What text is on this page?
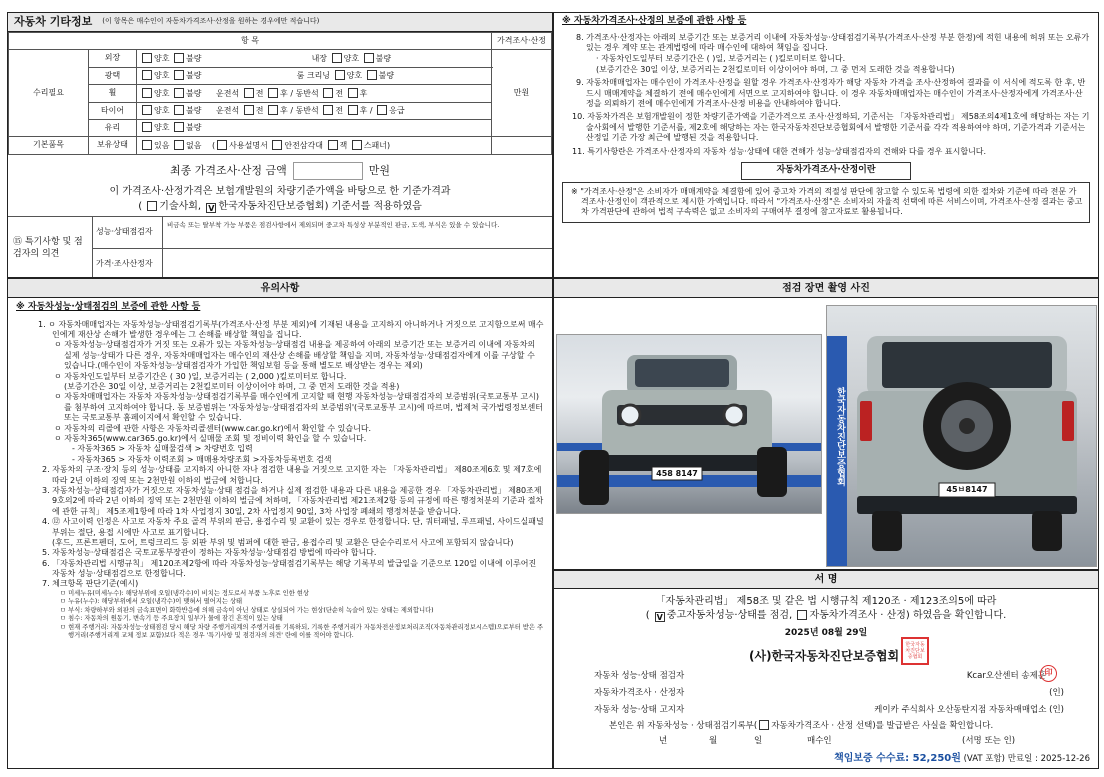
자동차 기타정보 (이 항목은 매수인이 자동차가격조사·산정을 원하는 경우에만 적습니다)
항 목			가격조사·산정
수리필요	외장	양호 불량 내장 양호 불량	만원
	광택	양호 불량 룸 크리닝 양호 불량	
	휠	양호 불량 운전석 전 후 / 동반석 전 후	
	타이어	양호 불량 운전석 전 후 / 동반석 전 후 / 응급	
	유리	양호 불량	
기본품목	보유상태	있음 없음 ( 사용설명서 안전삼각대 잭 스패너)	
최종 가격조사·산정 금액	만원
이 가격조사·산정가격은 보험개발원의 차량기준가액을 바탕으로 한 기준가격과
( 기술사회, V 한국자동차진단보증협회) 기준서를 적용하였음
⑮ 특기사항 및 점검자의 의견
성능·상태점검자
비금속 또는 탈부착 가능 부품은 점검사항에서 제외되며 중고차 특성상 부분적인 판금, 도색, 부식은 있을 수 있습니다.
가격·조사산정자
※ 자동차가격조사·산정의 보증에 관한 사항 등

8. 가격조사·산정자는 아래의 보증기간 또는 보증거리 이내에 자동차성능·상태점검기록부(가격조사·산정 부분 한정)에 적힌 내용에 허위 또는 오류가 있는 경우 계약 또는 관계법령에 따라 매수인에 대하여 책임을 집니다.

· 자동차인도일부터 보증기간은 ( )일, 보증거리는 ( )킬로미터로 합니다.

(보증기간은 30일 이상, 보증거리는 2천킬로미터 이상이어야 하며, 그 중 먼저 도래한 것을 적용합니다)

9. 자동차매매업자는 매수인이 가격조사·산정을 원할 경우 가격조사·산정자가 해당 자동차 가격을 조사·산정하여 결과를 이 서식에 적도록 한 후, 반드시 매매계약을 체결하기 전에 매수인에게 서면으로 고지하여야 합니다. 이 경우 자동차매매업자는 매수인이 가격조사·산정자에게 가격조사·산정을 의뢰하기 전에 매수인에게 가격조사·산정 비용을 안내하여야 합니다.

10. 자동차가격은 보험개발원이 정한 차량기준가액을 기준가격으로 조사·산정하되, 기준서는 「자동차관리법」 제58조의4제1호에 해당하는 자는 기술사회에서 발행한 기준서를, 제2호에 해당하는 자는 한국자동차진단보증협회에서 발행한 기준서를 각각 적용하여야 하며, 기준가격과 기준서는 산정일 기준 가장 최근에 발행된 것을 적용합니다.

11. 특기사항란은 가격조사·산정자의 자동차 성능·상태에 대한 견해가 성능·상태점검자의 견해와 다를 경우 표시합니다.

자동차가격조사·산정이란
※ "가격조사·산정"은 소비자가 매매계약을 체결함에 있어 중고차 가격의 적절성 판단에 참고할 수 있도록 법령에 의한 절차와 기준에 따라 전문 가격조사·산정인이 객관적으로 제시한 가액입니다. 따라서 "가격조사·산정"은 소비자의 자율적 선택에 따른 서비스이며, 가격조사·산정 결과는 중고차 가격판단에 관하여 법적 구속력은 없고 소비자의 구매여부 결정에 참고자료로 활용됩니다.
유의사항
※ 자동차성능·상태점검의 보증에 관한 사항 등

1. ㅇ 자동차매매업자는 자동차성능·상태점검기록부(가격조사·산정 부분 제외)에 기재된 내용을 고지하지 아니하거나 거짓으로 고지함으로써 매수인에게 재산상 손해가 발생한 경우에는 그 손해를 배상할 책임을 집니다.

ㅇ 자동차성능·상태점검자가 거짓 또는 오류가 있는 자동차성능·상태점검 내용을 제공하여 아래의 보증기간 또는 보증거리 이내에 자동차의 실제 성능·상태가 다른 경우, 자동차매매업자는 매수인의 재산상 손해를 배상할 책임을 지며, 자동차성능·상태점검자에게 이를 구상할 수 있습니다.(매수인이 자동차성능·상태점검자가 가입한 책임보험 등을 통해 별도로 배상받는 경우는 제외)

ㅇ 자동차인도일부터 보증기간은 ( 30 )일, 보증거리는 ( 2,000 )킬로미터로 합니다.

(보증기간은 30일 이상, 보증거리는 2천킬로미터 이상이어야 하며, 그 중 먼저 도래한 것을 적용)

ㅇ 자동차매매업자는 자동차 자동차성능·상태점검기록부를 매수인에게 고지할 때 현행 자동차성능·상태점검자의 보증범위(국토교통부 고시)를 첨부하여 고지하여야 합니다. 동 보증범위는 '자동차성능·상태점검자의 보증범위'(국토교통부 고시)에 따르며, 법제처 국가법령정보센터 또는 국토교통부 홈페이지에서 확인할 수 있습니다.

ㅇ 자동차의 리콜에 관한 사항은 자동차리콜센터(www.car.go.kr)에서 확인할 수 있습니다.

ㅇ 자동차365(www.car365.go.kr)에서 실매물 조회 및 정비이력 확인을 할 수 있습니다.

- 자동차365 > 자동차 실매물검색 > 차량번호 입력

- 자동차365 > 자동차 이력조회 > 매매용차량조회 >자동차등록번호 검색

2. 자동차의 구조·장치 등의 성능·상태를 고지하지 아니한 자나 점검한 내용을 거짓으로 고지한 자는 「자동차관리법」 제80조제6호 및 제7호에 따라 2년 이하의 징역 또는 2천만원 이하의 벌금에 처합니다.

3. 자동차성능·상태점검자가 거짓으로 자동차성능·상태 점검을 하거나 실제 점검한 내용과 다른 내용을 제공한 경우 「자동차관리법」 제80조제9호의2에 따라 2년 이하의 징역 또는 2천만원 이하의 벌금에 처하며, 「자동차관리법 제21조제2항 등의 규정에 따른 행정처분의 기준과 절차에 관한 규칙」 제5조제1항에 따라 1차 사업정지 30일, 2차 사업정지 90일, 3차 사업장 폐쇄의 행정처분을 받습니다.

4. ⑫ 사고이력 인정은 사고로 자동차 주요 골격 부위의 판금, 용접수리 및 교환이 있는 경우로 한정합니다. 단, 쿼터패널, 루프패널, 사이드실패널 부위는 절단, 용접 시에만 사고로 표기합니다.

(후드, 프론트펜더, 도어, 트렁크리드 등 외판 부위 및 범퍼에 대한 판금, 용접수리 및 교환은 단순수리로서 사고에 포함되지 않습니다)

5. 자동차성능·상태점검은 국토교통부장관이 정하는 자동차성능·상태점검 방법에 따라야 합니다.

6. 「자동차관리법 시행규칙」 제120조제2항에 따라 자동차성능·상태점검기록부는 해당 기록부의 발급일을 기준으로 120일 이내에 이루어진 자동차 성능·상태점검으로 한정합니다.

7. 체크항목 판단기준(예시)

ㅁ 미세누유(미세누수): 해당부위에 오일(냉각수)이 비치는 정도로서 부품 노후로 인한 현상

ㅁ 누유(누수): 해당부위에서 오일(냉각수)이 맺혀서 떨어지는 상태

ㅁ 부식: 차량하부와 외판의 금속표면이 화학반응에 의해 금속이 아닌 상태로 상실되어 가는 현상(단순히 녹슬어 있는 상태는 제외합니다)

ㅁ 침수: 자동차의 원동기, 변속기 등 주요장치 일부가 물에 잠긴 흔적이 있는 상태

ㅁ 현재 주행거리: 자동차성능·상태점검 당시 해당 차량 주행거리계의 주행거리를 기록하되, 기록한 주행거리가 자동차전산정보처리조직(자동차관리정보시스템)으로부터 받은 주행거리(주행거리계 교체 정보 포함)보다 적은 경우 '특기사항 및 점검자의 의견' 란에 이를 적어야 합니다.

점검 장면 촬영 사진
458 8147
45ㅂ8147
한국자동차진단보증협회
서 명
「자동차관리법」 제58조 및 같은 법 시행규칙 제120조 · 제123조의5에 따라
( V 중고자동차성능·상태를 점검, 자동차가격조사 · 산정) 하였음을 확인합니다.
2025년 08월 29일
(사)한국자동차진단보증협회
한국자동차진단보증협회
자동차 성능·상태 점검자	Kcar오산센터 송제훈
印
자동차가격조사 · 산정자	(인)
자동차 성능·상태 고지자	케이카 주식회사 오산동탄지점 자동차매매업소 (인)
본인은 위 자동차성능 · 상태점검기록부( 자동차가격조사 · 산정 선택)를 발급받은 사실을 확인합니다.
년	월	일	매수인	(서명 또는 인)
책임보증 수수료: 52,250원 (VAT 포함) 만료일 : 2025-12-26
